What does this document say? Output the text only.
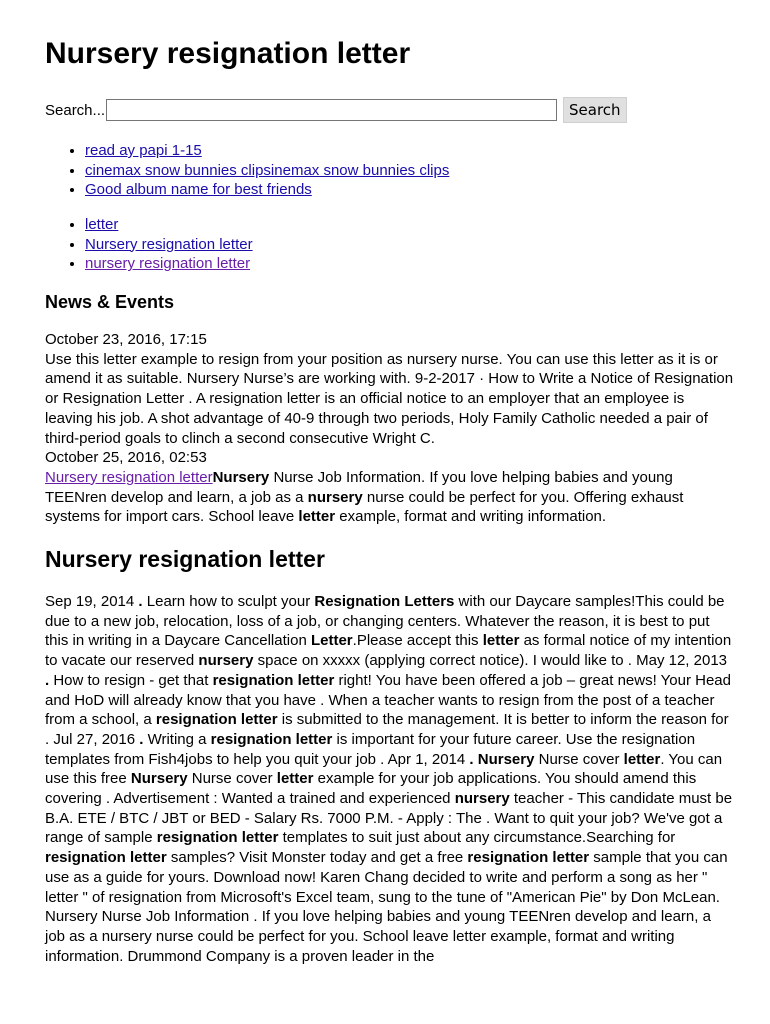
Nursery resignation letter
Search...	Search
• read ay papi 1-15
• cinemax snow bunnies clipsinemax snow bunnies clips
• Good album name for best friends
• letter
• Nursery resignation letter
• nursery resignation letter
News & Events
October 23, 2016, 17:15
Use this letter example to resign from your position as nursery nurse. You can use this letter as it is or amend it as suitable. Nursery Nurse’s are working with. 9-2-2017 · How to Write a Notice of Resignation or Resignation Letter . A resignation letter is an official notice to an employer that an employee is leaving his job. A shot advantage of 40-9 through two periods, Holy Family Catholic needed a pair of third-period goals to clinch a second consecutive Wright C.
October 25, 2016, 02:53
Nursery resignation letterNursery Nurse Job Information. If you love helping babies and young TEENren develop and learn, a job as a nursery nurse could be perfect for you. Offering exhaust systems for import cars. School leave letter example, format and writing information.
Nursery resignation letter
Sep 19, 2014 . Learn how to sculpt your Resignation Letters with our Daycare samples!This could be due to a new job, relocation, loss of a job, or changing centers. Whatever the reason, it is best to put this in writing in a Daycare Cancellation Letter.Please accept this letter as formal notice of my intention to vacate our reserved nursery space on xxxxx (applying correct notice). I would like to . May 12, 2013 . How to resign - get that resignation letter right! You have been offered a job – great news! Your Head and HoD will already know that you have . When a teacher wants to resign from the post of a teacher from a school, a resignation letter is submitted to the management. It is better to inform the reason for . Jul 27, 2016 . Writing a resignation letter is important for your future career. Use the resignation templates from Fish4jobs to help you quit your job . Apr 1, 2014 . Nursery Nurse cover letter. You can use this free Nursery Nurse cover letter example for your job applications. You should amend this covering . Advertisement : Wanted a trained and experienced nursery teacher - This candidate must be B.A. ETE / BTC / JBT or BED - Salary Rs. 7000 P.M. - Apply : The . Want to quit your job? We've got a range of sample resignation letter templates to suit just about any circumstance.Searching for resignation letter samples? Visit Monster today and get a free resignation letter sample that you can use as a guide for yours. Download now! Karen Chang decided to write and perform a song as her " letter " of resignation from Microsoft's Excel team, sung to the tune of "American Pie" by Don McLean. Nursery Nurse Job Information . If you love helping babies and young TEENren develop and learn, a job as a nursery nurse could be perfect for you. School leave letter example, format and writing information. Drummond Company is a proven leader in the
